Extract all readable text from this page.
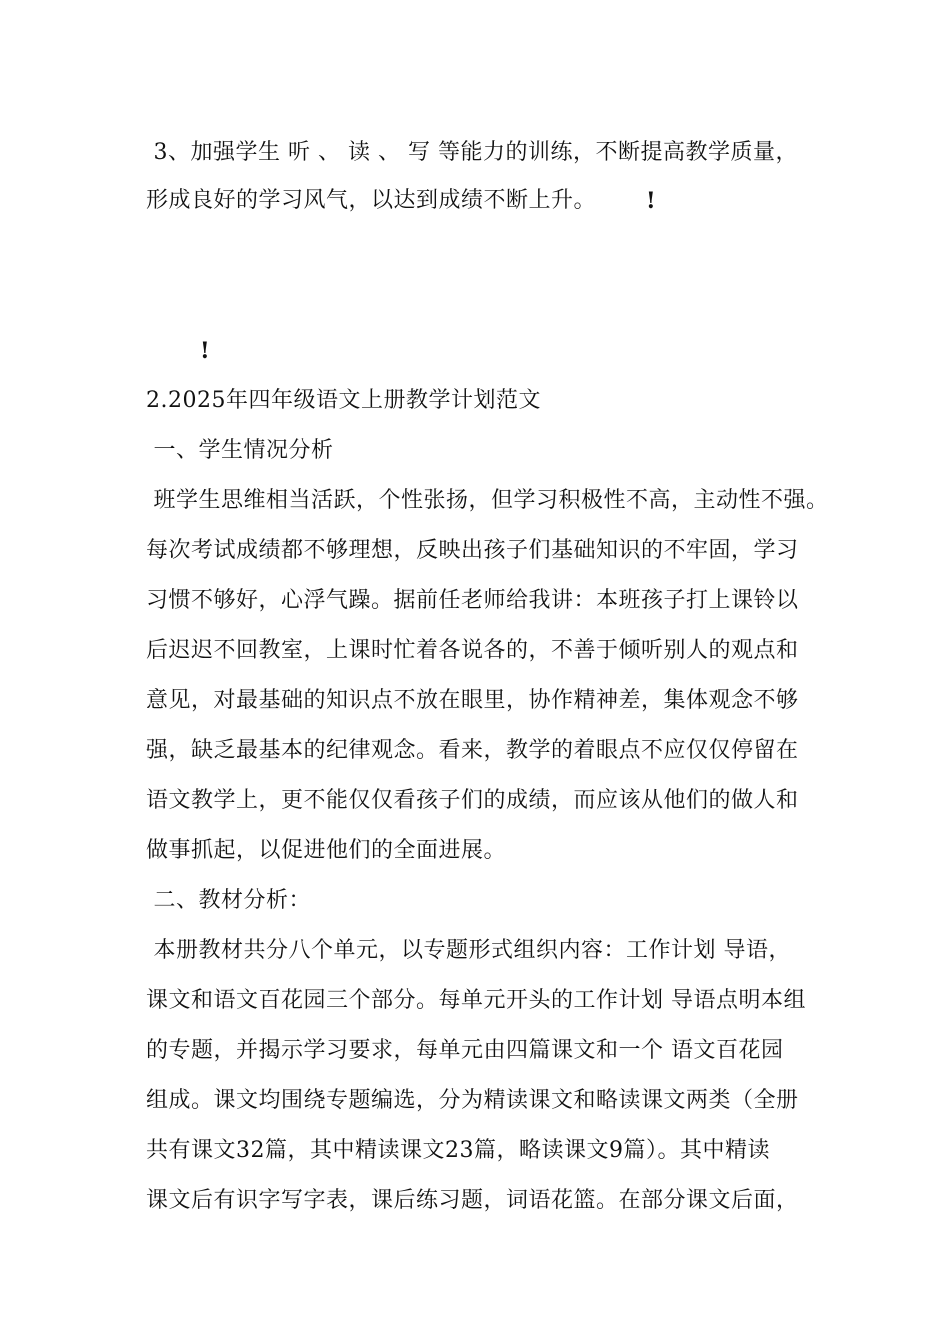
3、加强学生 听 、 读 、 写 等能力的训练，不断提高教学质量，
形成良好的学习风气，以达到成绩不断上升。 !
!
2.2025年四年级语文上册教学计划范文
一、学生情况分析
班学生思维相当活跃，个性张扬，但学习积极性不高，主动性不强。
每次考试成绩都不够理想，反映出孩子们基础知识的不牢固，学习
习惯不够好，心浮气躁。据前任老师给我讲：本班孩子打上课铃以
后迟迟不回教室，上课时忙着各说各的，不善于倾听别人的观点和
意见，对最基础的知识点不放在眼里，协作精神差，集体观念不够
强，缺乏最基本的纪律观念。看来，教学的着眼点不应仅仅停留在
语文教学上，更不能仅仅看孩子们的成绩，而应该从他们的做人和
做事抓起，以促进他们的全面进展。
二、教材分析：
本册教材共分八个单元，以专题形式组织内容：工作计划 导语，
课文和语文百花园三个部分。每单元开头的工作计划 导语点明本组
的专题，并揭示学习要求，每单元由四篇课文和一个 语文百花园
组成。课文均围绕专题编选，分为精读课文和略读课文两类（全册
共有课文32篇，其中精读课文23篇，略读课文9篇）。其中精读
课文后有识字写字表，课后练习题，词语花篮。在部分课文后面，
